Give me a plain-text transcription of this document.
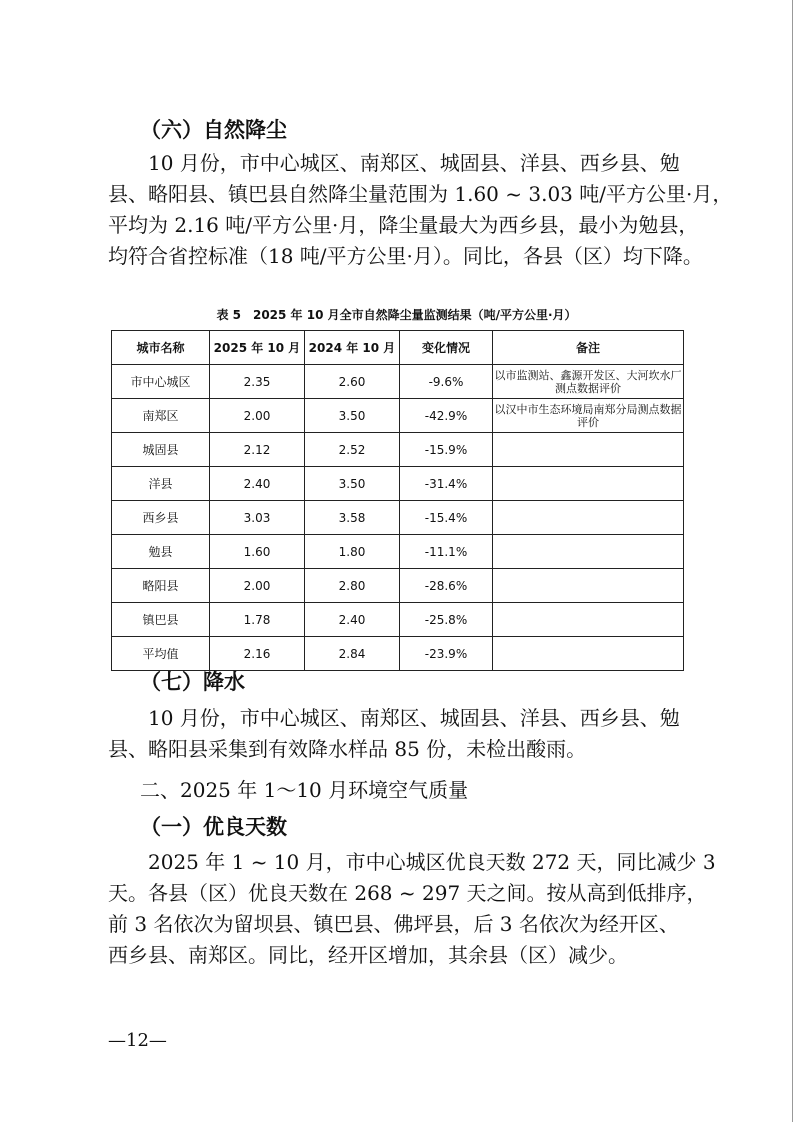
（六）自然降尘

10 月份，市中心城区、南郑区、城固县、洋县、西乡县、勉
县、略阳县、镇巴县自然降尘量范围为 1.60 ~ 3.03 吨/平方公里·月，
平均为 2.16 吨/平方公里·月，降尘量最大为西乡县，最小为勉县，
均符合省控标准（18 吨/平方公里·月）。同比，各县（区）均下降。

表 5　2025 年 10 月全市自然降尘量监测结果（吨/平方公里·月）
城市名称	2025 年 10 月	2024 年 10 月	变化情况	备注
市中心城区	2.35	2.60	-9.6%	以市监测站、鑫源开发区、大河坎水厂测点数据评价
南郑区	2.00	3.50	-42.9%	以汉中市生态环境局南郑分局测点数据评价
城固县	2.12	2.52	-15.9%	
洋县	2.40	3.50	-31.4%	
西乡县	3.03	3.58	-15.4%	
勉县	1.60	1.80	-11.1%	
略阳县	2.00	2.80	-28.6%	
镇巴县	1.78	2.40	-25.8%	
平均值	2.16	2.84	-23.9%	
（七）降水

10 月份，市中心城区、南郑区、城固县、洋县、西乡县、勉
县、略阳县采集到有效降水样品 85 份，未检出酸雨。

二、2025 年 1～10 月环境空气质量
（一）优良天数

2025 年 1 ~ 10 月，市中心城区优良天数 272 天，同比减少 3
天。各县（区）优良天数在 268 ~ 297 天之间。按从高到低排序，
前 3 名依次为留坝县、镇巴县、佛坪县，后 3 名依次为经开区、
西乡县、南郑区。同比，经开区增加，其余县（区）减少。

—12—
